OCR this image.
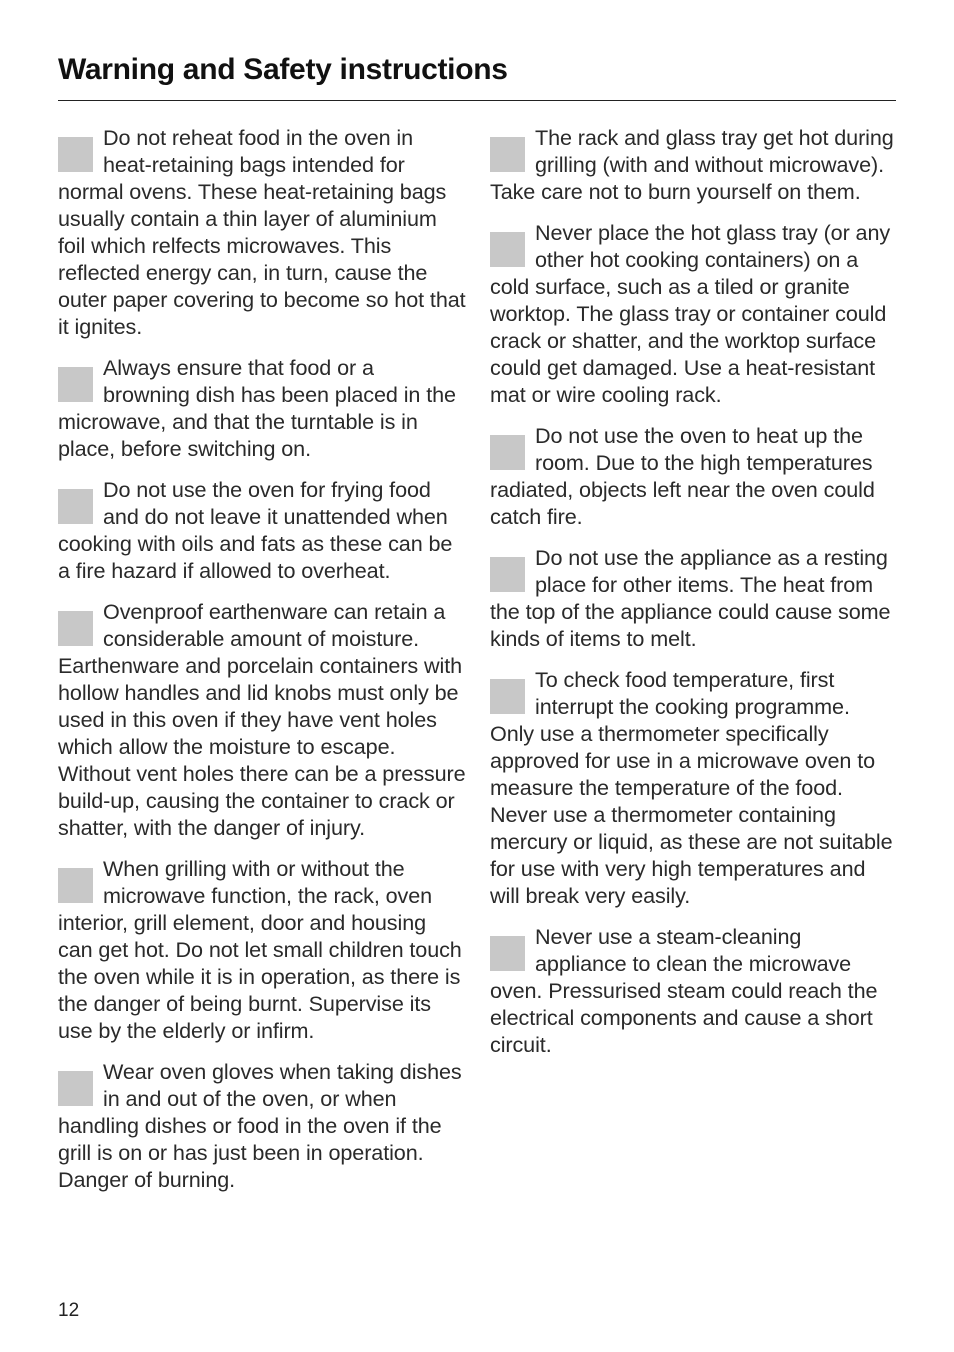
Warning and Safety instructions

Do not reheat food in the oven in heat-retaining bags intended for normal ovens. These heat-retaining bags usually contain a thin layer of aluminium foil which relfects microwaves. This reflected energy can, in turn, cause the outer paper covering to become so hot that it ignites.

Always ensure that food or a browning dish has been placed in the microwave, and that the turntable is in place, before switching on.

Do not use the oven for frying food and do not leave it unattended when cooking with oils and fats as these can be a fire hazard if allowed to overheat.

Ovenproof earthenware can retain a considerable amount of moisture. Earthenware and porcelain containers with hollow handles and lid knobs must only be used in this oven if they have vent holes which allow the moisture to escape. Without vent holes there can be a pressure build-up, causing the container to crack or shatter, with the danger of injury.

When grilling with or without the microwave function, the rack, oven interior, grill element, door and housing can get hot. Do not let small children touch the oven while it is in operation, as there is the danger of being burnt. Supervise its use by the elderly or infirm.

Wear oven gloves when taking dishes in and out of the oven, or when handling dishes or food in the oven if the grill is on or has just been in operation. Danger of burning.

The rack and glass tray get hot during grilling (with and without microwave). Take care not to burn yourself on them.

Never place the hot glass tray (or any other hot cooking containers) on a cold surface, such as a tiled or granite worktop. The glass tray or container could crack or shatter, and the worktop surface could get damaged. Use a heat-resistant mat or wire cooling rack.

Do not use the oven to heat up the room. Due to the high temperatures radiated, objects left near the oven could catch fire.

Do not use the appliance as a resting place for other items. The heat from the top of the appliance could cause some kinds of items to melt.

To check food temperature, first interrupt the cooking programme. Only use a thermometer specifically approved for use in a microwave oven to measure the temperature of the food. Never use a thermometer containing mercury or liquid, as these are not suitable for use with very high temperatures and will break very easily.

Never use a steam-cleaning appliance to clean the microwave oven. Pressurised steam could reach the electrical components and cause a short circuit.

12
